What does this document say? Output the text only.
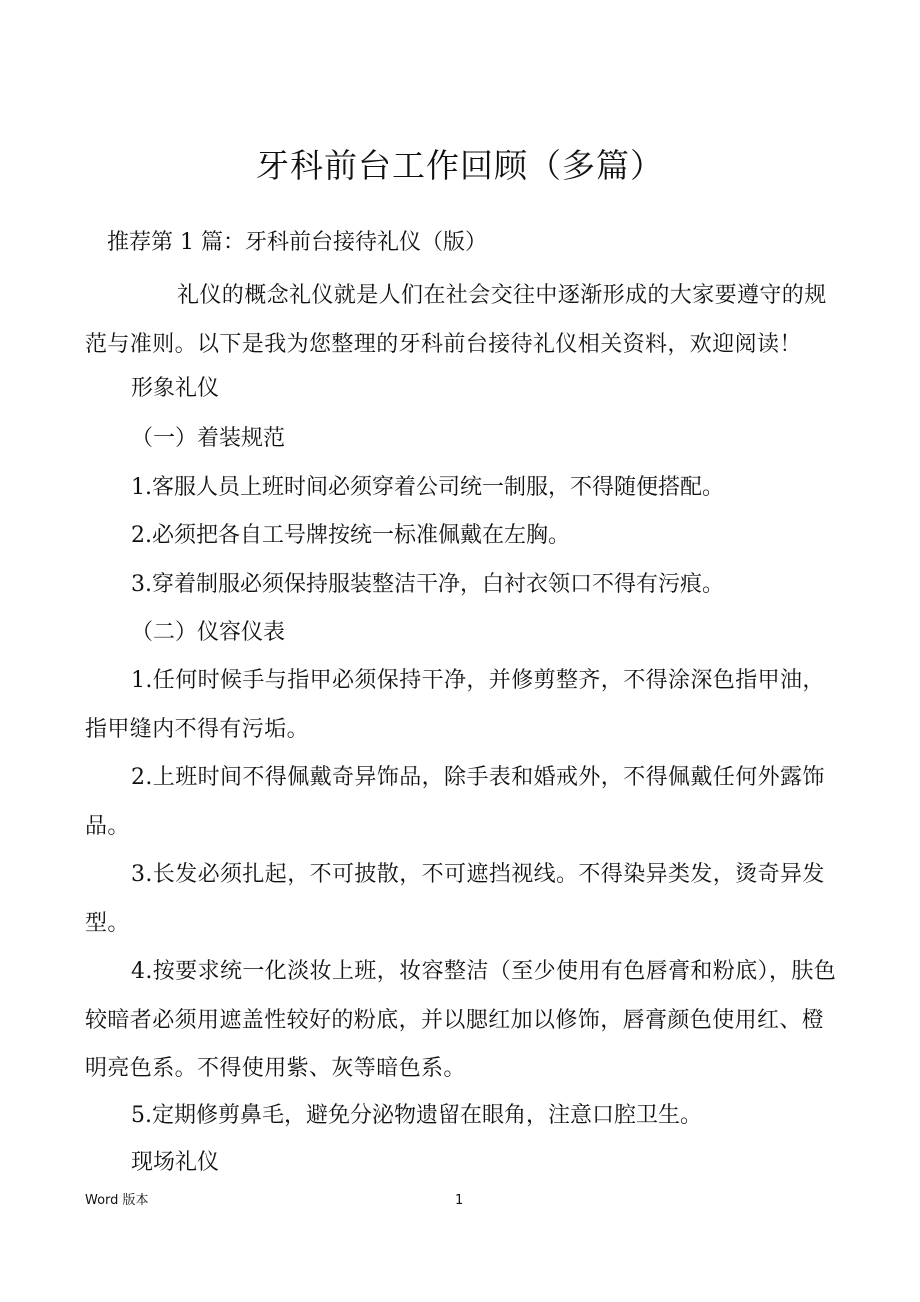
牙科前台工作回顾（多篇）

推荐第 1 篇：牙科前台接待礼仪（版）

礼仪的概念礼仪就是人们在社会交往中逐渐形成的大家要遵守的规范与准则。以下是我为您整理的牙科前台接待礼仪相关资料，欢迎阅读！

形象礼仪

（一）着装规范

1.客服人员上班时间必须穿着公司统一制服，不得随便搭配。

2.必须把各自工号牌按统一标准佩戴在左胸。

3.穿着制服必须保持服装整洁干净，白衬衣领口不得有污痕。

（二）仪容仪表

1.任何时候手与指甲必须保持干净，并修剪整齐，不得涂深色指甲油，指甲缝内不得有污垢。

2.上班时间不得佩戴奇异饰品，除手表和婚戒外，不得佩戴任何外露饰品。

3.长发必须扎起，不可披散，不可遮挡视线。不得染异类发，烫奇异发型。

4.按要求统一化淡妆上班，妆容整洁（至少使用有色唇膏和粉底），肤色较暗者必须用遮盖性较好的粉底，并以腮红加以修饰，唇膏颜色使用红、橙明亮色系。不得使用紫、灰等暗色系。

5.定期修剪鼻毛，避免分泌物遗留在眼角，注意口腔卫生。

现场礼仪

Word 版本	1
